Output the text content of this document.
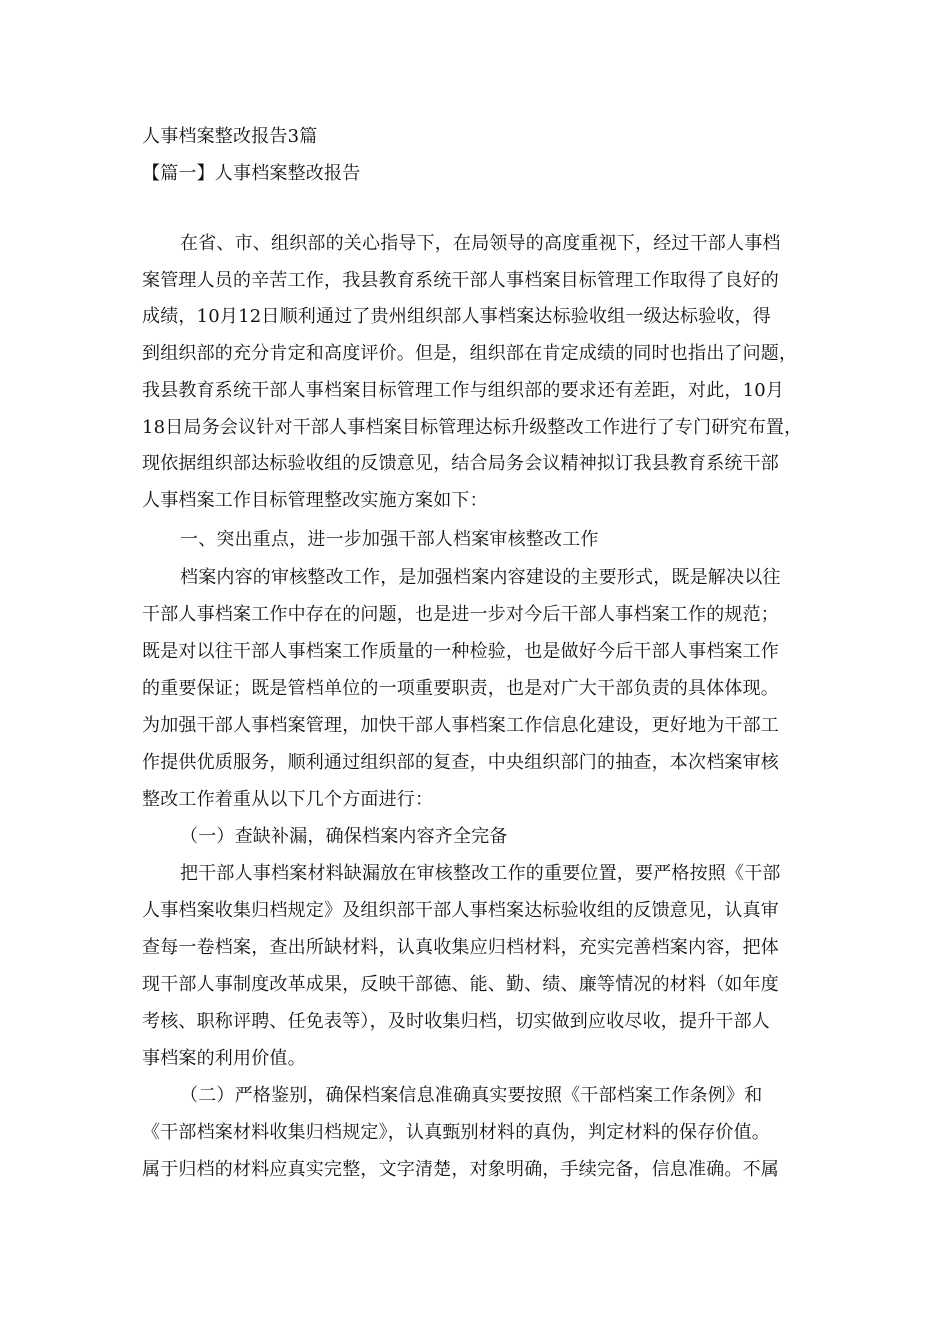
人事档案整改报告3篇
【篇一】人事档案整改报告
在省、市、组织部的关心指导下，在局领导的高度重视下，经过干部人事档
案管理人员的辛苦工作，我县教育系统干部人事档案目标管理工作取得了良好的
成绩，10月12日顺利通过了贵州组织部人事档案达标验收组一级达标验收，得
到组织部的充分肯定和高度评价。但是，组织部在肯定成绩的同时也指出了问题，
我县教育系统干部人事档案目标管理工作与组织部的要求还有差距，对此，10月
18日局务会议针对干部人事档案目标管理达标升级整改工作进行了专门研究布置，
现依据组织部达标验收组的反馈意见，结合局务会议精神拟订我县教育系统干部
人事档案工作目标管理整改实施方案如下：
一、突出重点，进一步加强干部人档案审核整改工作
档案内容的审核整改工作，是加强档案内容建设的主要形式，既是解决以往
干部人事档案工作中存在的问题，也是进一步对今后干部人事档案工作的规范；
既是对以往干部人事档案工作质量的一种检验，也是做好今后干部人事档案工作
的重要保证；既是管档单位的一项重要职责，也是对广大干部负责的具体体现。
为加强干部人事档案管理，加快干部人事档案工作信息化建设，更好地为干部工
作提供优质服务，顺利通过组织部的复查，中央组织部门的抽查，本次档案审核
整改工作着重从以下几个方面进行：
（一）查缺补漏，确保档案内容齐全完备
把干部人事档案材料缺漏放在审核整改工作的重要位置，要严格按照《干部
人事档案收集归档规定》及组织部干部人事档案达标验收组的反馈意见，认真审
查每一卷档案，查出所缺材料，认真收集应归档材料，充实完善档案内容，把体
现干部人事制度改革成果，反映干部德、能、勤、绩、廉等情况的材料（如年度
考核、职称评聘、任免表等），及时收集归档，切实做到应收尽收，提升干部人
事档案的利用价值。
（二）严格鉴别，确保档案信息准确真实要按照《干部档案工作条例》和
《干部档案材料收集归档规定》，认真甄别材料的真伪，判定材料的保存价值。
属于归档的材料应真实完整，文字清楚，对象明确，手续完备，信息准确。不属
